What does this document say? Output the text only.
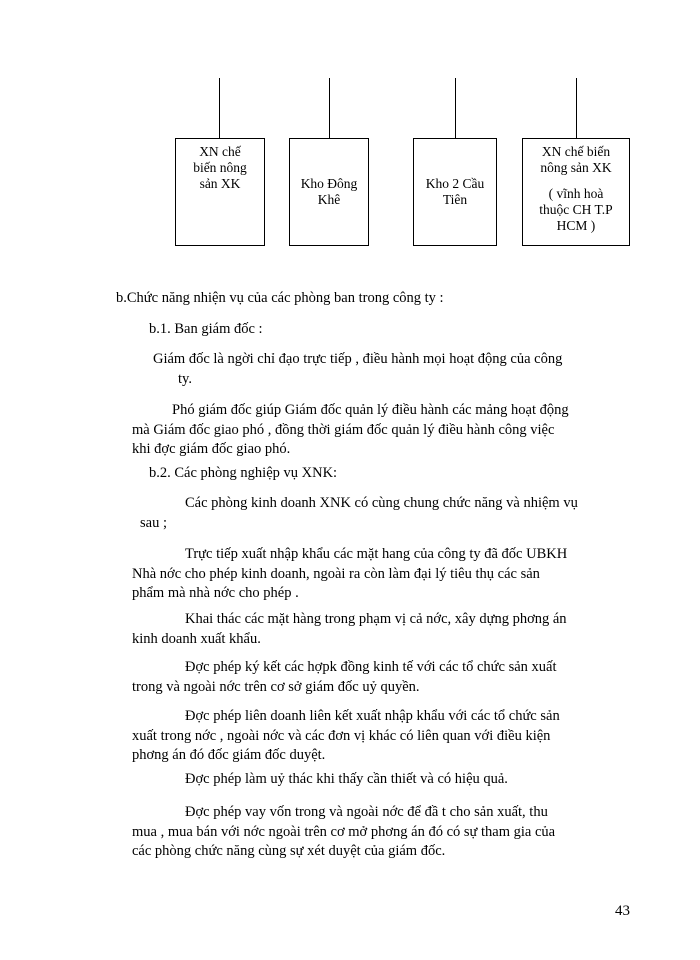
XN chế
biến nông
sản XK	Kho Đông
Khê
Kho 2 Cầu
Tiên
XN chế biến
nông sản XK
( vĩnh hoà
thuộc CH T.P
HCM )
b.Chức năng nhiện vụ của các phòng ban trong công ty :
b.1. Ban giám đốc :
Giám đốc là ngời chỉ đạo trực tiếp , điều hành mọi hoạt động của công
ty.
Phó giám đốc giúp Giám đốc quản lý điều hành các mảng hoạt động
mà Giám đốc giao phó , đồng thời giám đốc quản lý điều hành công việc
khi đợc giám đốc giao phó.
b.2. Các phòng nghiệp vụ XNK:
Các phòng kinh doanh XNK có cùng chung chức năng và nhiệm vụ
sau ;
Trực tiếp xuất nhập khẩu các mặt hang của công ty đã đốc UBKH
Nhà nớc cho phép kinh doanh, ngoài ra còn làm đại lý tiêu thụ các sản
phẩm mà nhà nớc cho phép .
Khai thác các mặt hàng trong phạm vị cả nớc, xây dựng phơng án
kinh doanh xuất khẩu.
Đợc phép ký kết các hợpk đồng kinh tế với các tổ chức sản xuất
trong và ngoài nớc trên cơ sở giám đốc uỷ quyền.
Đợc phép liên doanh liên kết xuất nhập khẩu với các tổ chức sản
xuất trong nớc , ngoài nớc và các đơn vị khác có liên quan với điều kiện
phơng án đó đốc giám đốc duyệt.
Đợc phép làm uỷ thác khi thấy cần thiết và có hiệu quả.
Đợc phép vay vốn trong và ngoài nớc để đầ t cho sản xuất, thu
mua , mua bán với nớc ngoài trên cơ mở phơng án đó có sự tham gia của
các phòng chức năng cùng sự xét duyệt của giám đốc.
43
